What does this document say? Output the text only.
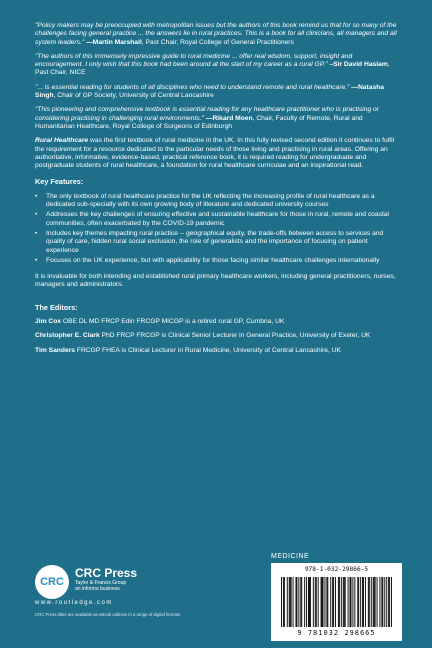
"Policy makers may be preoccupied with metropolitan issues but the authors of this book remind us that for so many of the challenges facing general practice ... the answers lie in rural practices. This is a book for all clinicians, all managers and all system leaders." —Martin Marshall, Past Chair, Royal College of General Practitioners
"The authors of this immensely impressive guide to rural medicine ... offer real wisdom, support, insight and encouragement. I only wish that this book had been around at the start of my career as a rural GP." –Sir David Haslam, Past Chair, NICE
"... is essential reading for students of all disciplines who need to understand remote and rural healthcare." —Natasha Singh, Chair of GP Society, University of Central Lancashire
"This pioneering and comprehensive textbook is essential reading for any healthcare practitioner who is practising or considering practising in challenging rural environments." —Rikard Moen, Chair, Faculty of Remote, Rural and Humanitarian Healthcare, Royal College of Surgeons of Edinburgh
Rural Healthcare was the first textbook of rural medicine in the UK. In this fully revised second edition it continues to fulfil the requirement for a resource dedicated to the particular needs of those living and practising in rural areas. Offering an authoritative, informative, evidence-based, practical reference book, it is required reading for undergraduate and postgraduate students of rural healthcare, a foundation for rural healthcare curriculae and an inspirational read.
Key Features:
• The only textbook of rural healthcare practice for the UK reflecting the increasing profile of rural healthcare as a dedicated sub-specialty with its own growing body of literature and dedicated university courses
• Addresses the key challenges of ensuring effective and sustainable healthcare for those in rural, remote and coastal communities, often exacerbated by the COVID-19 pandemic
• Includes key themes impacting rural practice -- geographical equity, the trade-offs between access to services and quality of care, hidden rural social exclusion, the role of generalists and the importance of focusing on patient experience
• Focuses on the UK experience, but with applicability for those facing similar healthcare challenges internationally
It is invaluable for both intending and established rural primary healthcare workers, including general practitioners, nurses, managers and administrators.
The Editors:
Jim Cox OBE DL MD FRCP Edin FRCGP MICGP is a retired rural GP, Cumbria, UK
Christopher E. Clark PhD FRCP FRCGP is Clinical Senior Lecturer in General Practice, University of Exeter, UK
Tim Sanders FRCGP FHEA is Clinical Lecturer in Rural Medicine, University of Central Lancashire, UK
CRC
CRC Press
Taylor & Francis Group
an informa business
www.routledge.com
CRC Press titles are available as eBook editions in a range of digital formats
MEDICINE
978-1-032-29866-5
9 781032 298665
